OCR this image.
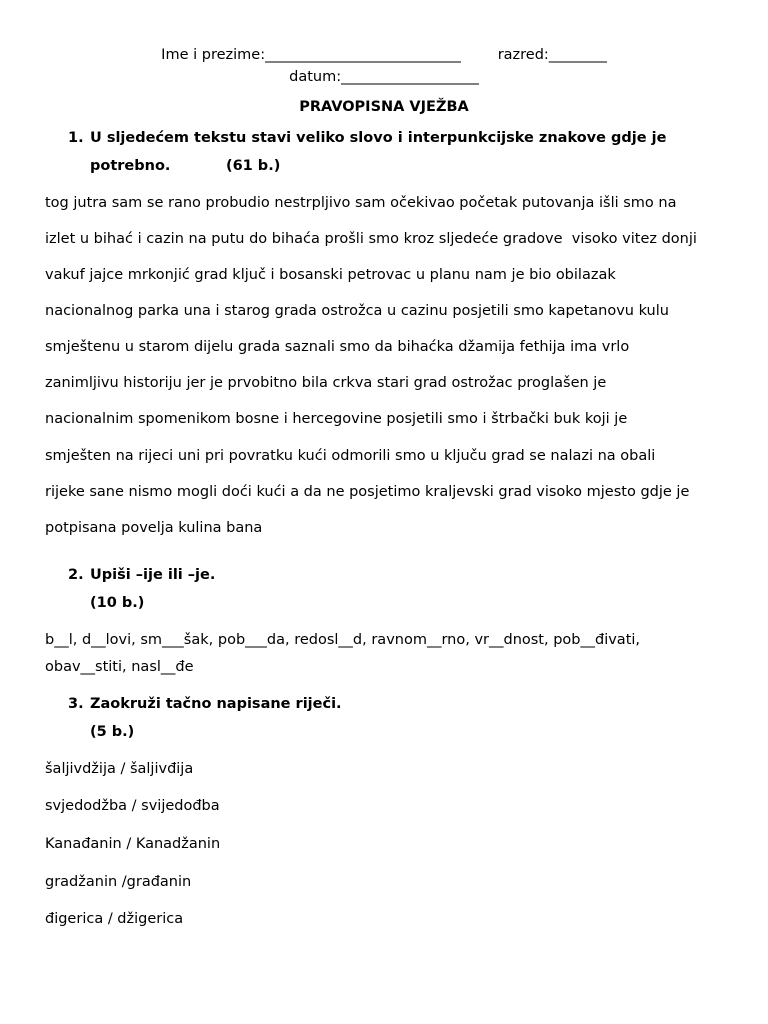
Ime i prezime:___________________________        razred:________
datum:___________________
PRAVOPISNA VJEŽBA
1. U sljedećem tekstu stavi veliko slovo i interpunkcijske znakove gdje je
potrebno.           (61 b.)
tog jutra sam se rano probudio nestrpljivo sam očekivao početak putovanja išli smo na
izlet u bihać i cazin na putu do bihaća prošli smo kroz sljedeće gradove  visoko vitez donji
vakuf jajce mrkonjić grad ključ i bosanski petrovac u planu nam je bio obilazak
nacionalnog parka una i starog grada ostrožca u cazinu posjetili smo kapetanovu kulu
smještenu u starom dijelu grada saznali smo da bihaćka džamija fethija ima vrlo
zanimljivu historiju jer je prvobitno bila crkva stari grad ostrožac proglašen je
nacionalnim spomenikom bosne i hercegovine posjetili smo i štrbački buk koji je
smješten na rijeci uni pri povratku kući odmorili smo u ključu grad se nalazi na obali
rijeke sane nismo mogli doći kući a da ne posjetimo kraljevski grad visoko mjesto gdje je
potpisana povelja kulina bana
2. Upiši –ije ili –je.
(10 b.)
b__l, d__lovi, sm___šak, pob___da, redosl__d, ravnom__rno, vr__dnost, pob__đivati,
obav__stiti, nasl__đe
3. Zaokruži tačno napisane riječi.
(5 b.)
šaljivdžija / šaljivđija
svjedodžba / svijedođba
Kanađanin / Kanadžanin
gradžanin /građanin
đigerica / džigerica
